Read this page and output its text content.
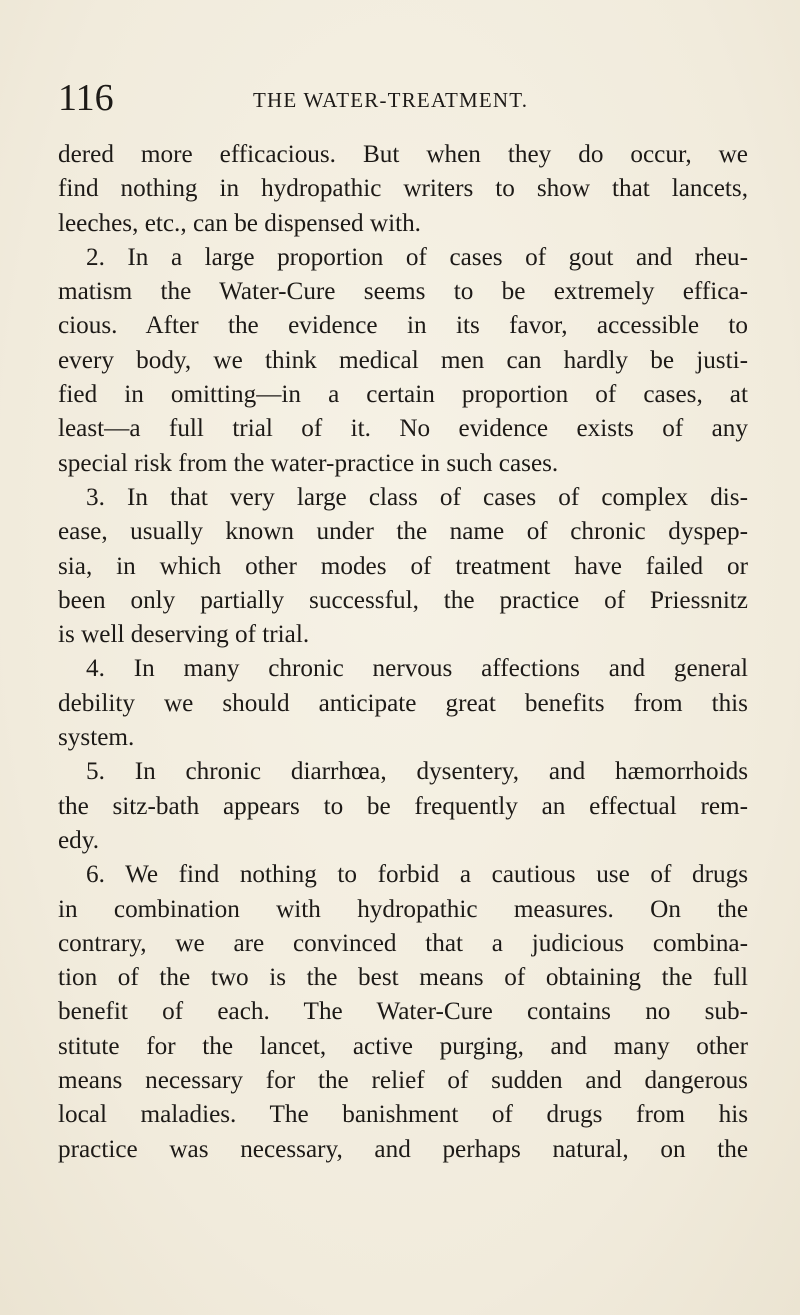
116	THE WATER-TREATMENT.
dered more efficacious. But when they do occur, we
find nothing in hydropathic writers to show that lancets,
leeches, etc., can be dispensed with.
2. In a large proportion of cases of gout and rheu-
matism the Water-Cure seems to be extremely effica-
cious. After the evidence in its favor, accessible to
every body, we think medical men can hardly be justi-
fied in omitting—in a certain proportion of cases, at
least—a full trial of it. No evidence exists of any
special risk from the water-practice in such cases.
3. In that very large class of cases of complex dis-
ease, usually known under the name of chronic dyspep-
sia, in which other modes of treatment have failed or
been only partially successful, the practice of Priessnitz
is well deserving of trial.
4. In many chronic nervous affections and general
debility we should anticipate great benefits from this
system.
5. In chronic diarrhœa, dysentery, and hæmorrhoids
the sitz-bath appears to be frequently an effectual rem-
edy.
6. We find nothing to forbid a cautious use of drugs
in combination with hydropathic measures. On the
contrary, we are convinced that a judicious combina-
tion of the two is the best means of obtaining the full
benefit of each. The Water-Cure contains no sub-
stitute for the lancet, active purging, and many other
means necessary for the relief of sudden and dangerous
local maladies. The banishment of drugs from his
practice was necessary, and perhaps natural, on the
